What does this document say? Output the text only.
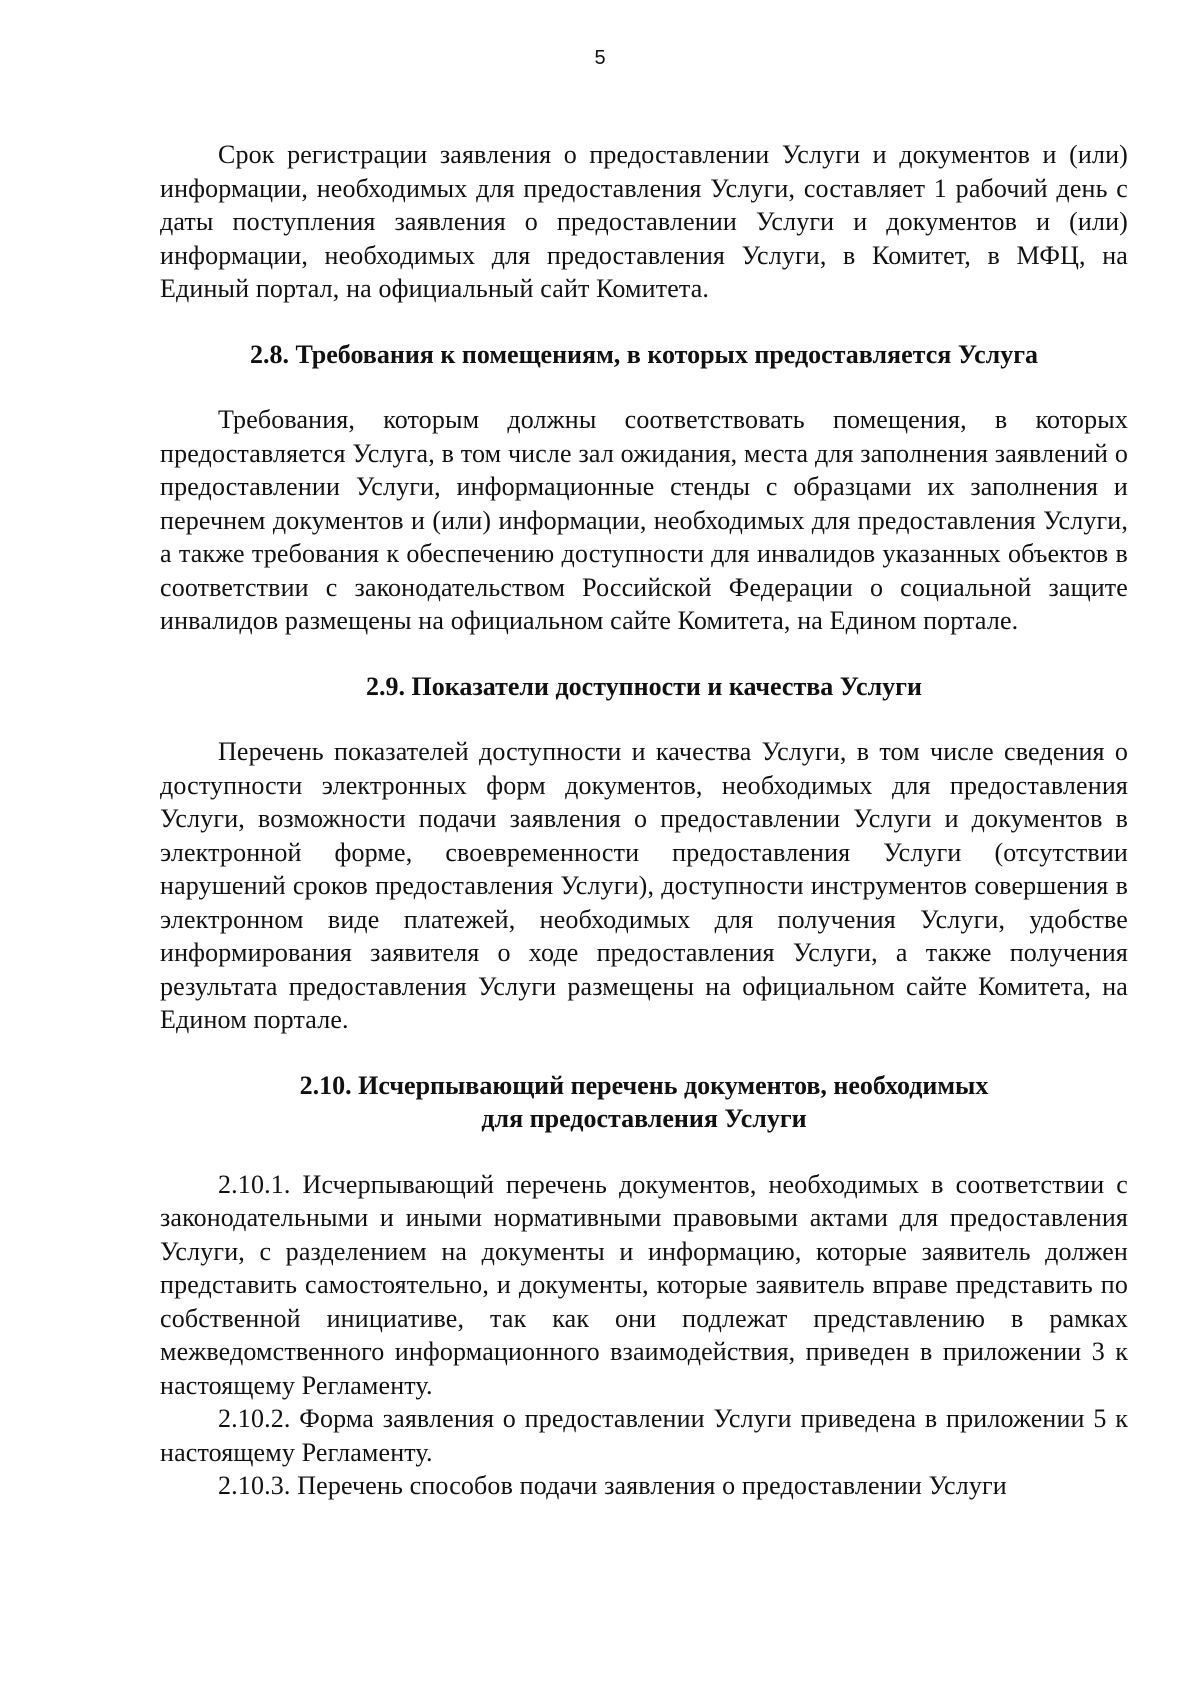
5

Срок регистрации заявления о предоставлении Услуги и документов и (или) информации, необходимых для предоставления Услуги, составляет 1 рабочий день с даты поступления заявления о предоставлении Услуги и документов и (или) информации, необходимых для предоставления Услуги, в Комитет, в МФЦ, на Единый портал, на официальный сайт Комитета.

2.8. Требования к помещениям, в которых предоставляется Услуга

Требования, которым должны соответствовать помещения, в которых предоставляется Услуга, в том числе зал ожидания, места для заполнения заявлений о предоставлении Услуги, информационные стенды с образцами их заполнения и перечнем документов и (или) информации, необходимых для предоставления Услуги, а также требования к обеспечению доступности для инвалидов указанных объектов в соответствии с законодательством Российской Федерации о социальной защите инвалидов размещены на официальном сайте Комитета, на Едином портале.

2.9. Показатели доступности и качества Услуги

Перечень показателей доступности и качества Услуги, в том числе сведения о доступности электронных форм документов, необходимых для предоставления Услуги, возможности подачи заявления о предоставлении Услуги и документов в электронной форме, своевременности предоставления Услуги (отсутствии нарушений сроков предоставления Услуги), доступности инструментов совершения в электронном виде платежей, необходимых для получения Услуги, удобстве информирования заявителя о ходе предоставления Услуги, а также получения результата предоставления Услуги размещены на официальном сайте Комитета, на Едином портале.

2.10. Исчерпывающий перечень документов, необходимых
для предоставления Услуги

2.10.1. Исчерпывающий перечень документов, необходимых в соответствии с законодательными и иными нормативными правовыми актами для предоставления Услуги, с разделением на документы и информацию, которые заявитель должен представить самостоятельно, и документы, которые заявитель вправе представить по собственной инициативе, так как они подлежат представлению в рамках межведомственного информационного взаимодействия, приведен в приложении 3 к настоящему Регламенту.

2.10.2. Форма заявления о предоставлении Услуги приведена в приложении 5 к настоящему Регламенту.

2.10.3. Перечень способов подачи заявления о предоставлении Услуги
